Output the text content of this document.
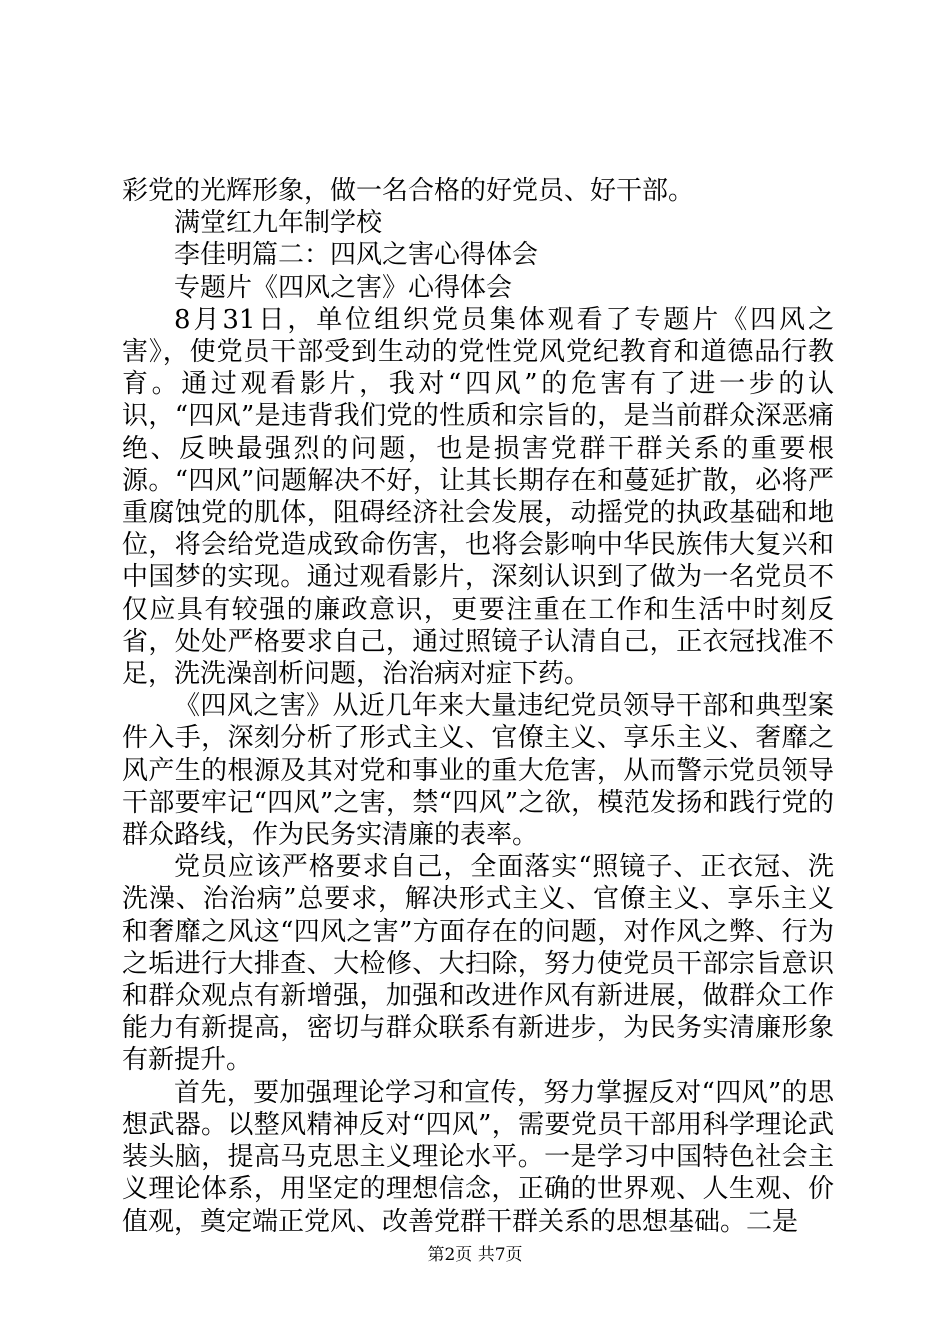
彩党的光辉形象，做一名合格的好党员、好干部。

满堂红九年制学校

李佳明篇二：四风之害心得体会

专题片《四风之害》心得体会

8月31日，单位组织党员集体观看了专题片《四风之害》，使党员干部受到生动的党性党风党纪教育和道德品行教育。通过观看影片，我对“四风”的危害有了进一步的认识，“四风”是违背我们党的性质和宗旨的，是当前群众深恶痛绝、反映最强烈的问题，也是损害党群干群关系的重要根源。“四风”问题解决不好，让其长期存在和蔓延扩散，必将严重腐蚀党的肌体，阻碍经济社会发展，动摇党的执政基础和地位，将会给党造成致命伤害，也将会影响中华民族伟大复兴和中国梦的实现。通过观看影片，深刻认识到了做为一名党员不仅应具有较强的廉政意识，更要注重在工作和生活中时刻反省，处处严格要求自己，通过照镜子认清自己，正衣冠找准不足，洗洗澡剖析问题，治治病对症下药。

《四风之害》从近几年来大量违纪党员领导干部和典型案件入手，深刻分析了形式主义、官僚主义、享乐主义、奢靡之风产生的根源及其对党和事业的重大危害，从而警示党员领导干部要牢记“四风”之害，禁“四风”之欲，模范发扬和践行党的群众路线，作为民务实清廉的表率。

党员应该严格要求自己，全面落实“照镜子、正衣冠、洗洗澡、治治病”总要求，解决形式主义、官僚主义、享乐主义和奢靡之风这“四风之害”方面存在的问题，对作风之弊、行为之垢进行大排查、大检修、大扫除，努力使党员干部宗旨意识和群众观点有新增强，加强和改进作风有新进展，做群众工作能力有新提高，密切与群众联系有新进步，为民务实清廉形象有新提升。

首先，要加强理论学习和宣传，努力掌握反对“四风”的思想武器。以整风精神反对“四风”，需要党员干部用科学理论武装头脑，提高马克思主义理论水平。一是学习中国特色社会主义理论体系，用坚定的理想信念，正确的世界观、人生观、价值观，奠定端正党风、改善党群干群关系的思想基础。二是

第2页 共7页
